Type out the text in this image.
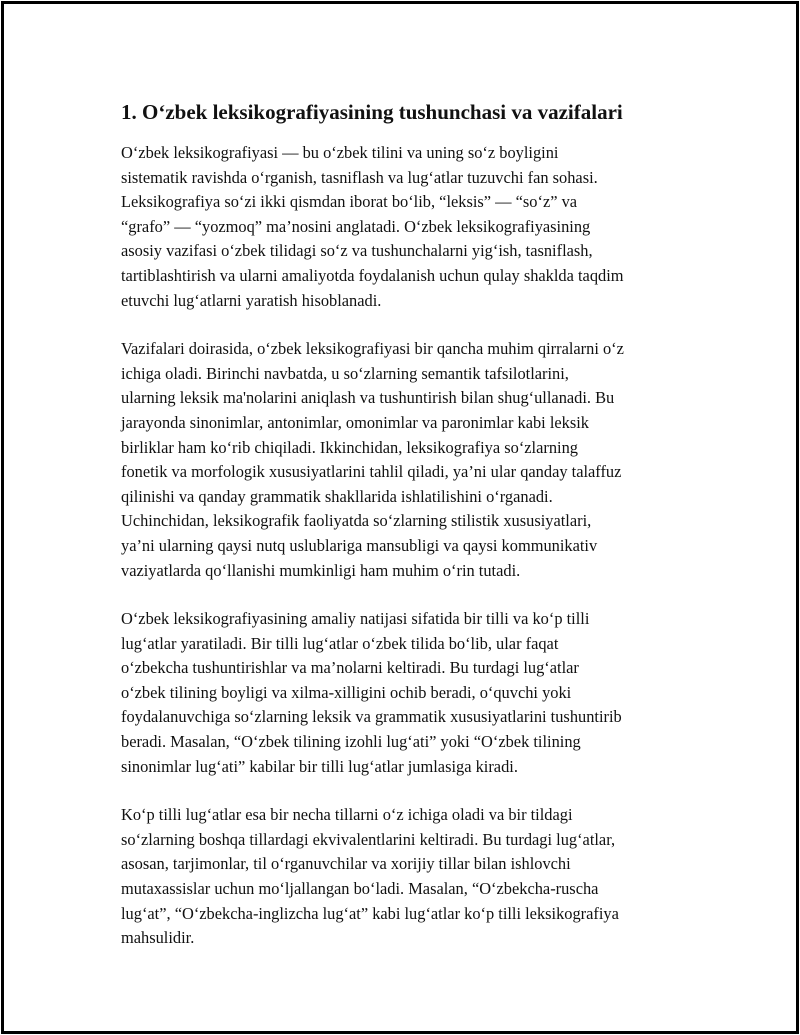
1. O‘zbek leksikografiyasining tushunchasi va vazifalari
O‘zbek leksikografiyasi — bu o‘zbek tilini va uning so‘z boyligini
sistematik ravishda o‘rganish, tasniflash va lug‘atlar tuzuvchi fan sohasi.
Leksikografiya so‘zi ikki qismdan iborat bo‘lib, “leksis” — “so‘z” va
“grafo” — “yozmoq” ma’nosini anglatadi. O‘zbek leksikografiyasining
asosiy vazifasi o‘zbek tilidagi so‘z va tushunchalarni yig‘ish, tasniflash,
tartiblashtirish va ularni amaliyotda foydalanish uchun qulay shaklda taqdim
etuvchi lug‘atlarni yaratish hisoblanadi.
Vazifalari doirasida, o‘zbek leksikografiyasi bir qancha muhim qirralarni o‘z
ichiga oladi. Birinchi navbatda, u so‘zlarning semantik tafsilotlarini,
ularning leksik ma'nolarini aniqlash va tushuntirish bilan shug‘ullanadi. Bu
jarayonda sinonimlar, antonimlar, omonimlar va paronimlar kabi leksik
birliklar ham ko‘rib chiqiladi. Ikkinchidan, leksikografiya so‘zlarning
fonetik va morfologik xususiyatlarini tahlil qiladi, ya’ni ular qanday talaffuz
qilinishi va qanday grammatik shakllarida ishlatilishini o‘rganadi.
Uchinchidan, leksikografik faoliyatda so‘zlarning stilistik xususiyatlari,
ya’ni ularning qaysi nutq uslublariga mansubligi va qaysi kommunikativ
vaziyatlarda qo‘llanishi mumkinligi ham muhim o‘rin tutadi.
O‘zbek leksikografiyasining amaliy natijasi sifatida bir tilli va ko‘p tilli
lug‘atlar yaratiladi. Bir tilli lug‘atlar o‘zbek tilida bo‘lib, ular faqat
o‘zbekcha tushuntirishlar va ma’nolarni keltiradi. Bu turdagi lug‘atlar
o‘zbek tilining boyligi va xilma-xilligini ochib beradi, o‘quvchi yoki
foydalanuvchiga so‘zlarning leksik va grammatik xususiyatlarini tushuntirib
beradi. Masalan, “O‘zbek tilining izohli lug‘ati” yoki “O‘zbek tilining
sinonimlar lug‘ati” kabilar bir tilli lug‘atlar jumlasiga kiradi.
Ko‘p tilli lug‘atlar esa bir necha tillarni o‘z ichiga oladi va bir tildagi
so‘zlarning boshqa tillardagi ekvivalentlarini keltiradi. Bu turdagi lug‘atlar,
asosan, tarjimonlar, til o‘rganuvchilar va xorijiy tillar bilan ishlovchi
mutaxassislar uchun mo‘ljallangan bo‘ladi. Masalan, “O‘zbekcha-ruscha
lug‘at”, “O‘zbekcha-inglizcha lug‘at” kabi lug‘atlar ko‘p tilli leksikografiya
mahsulidir.
